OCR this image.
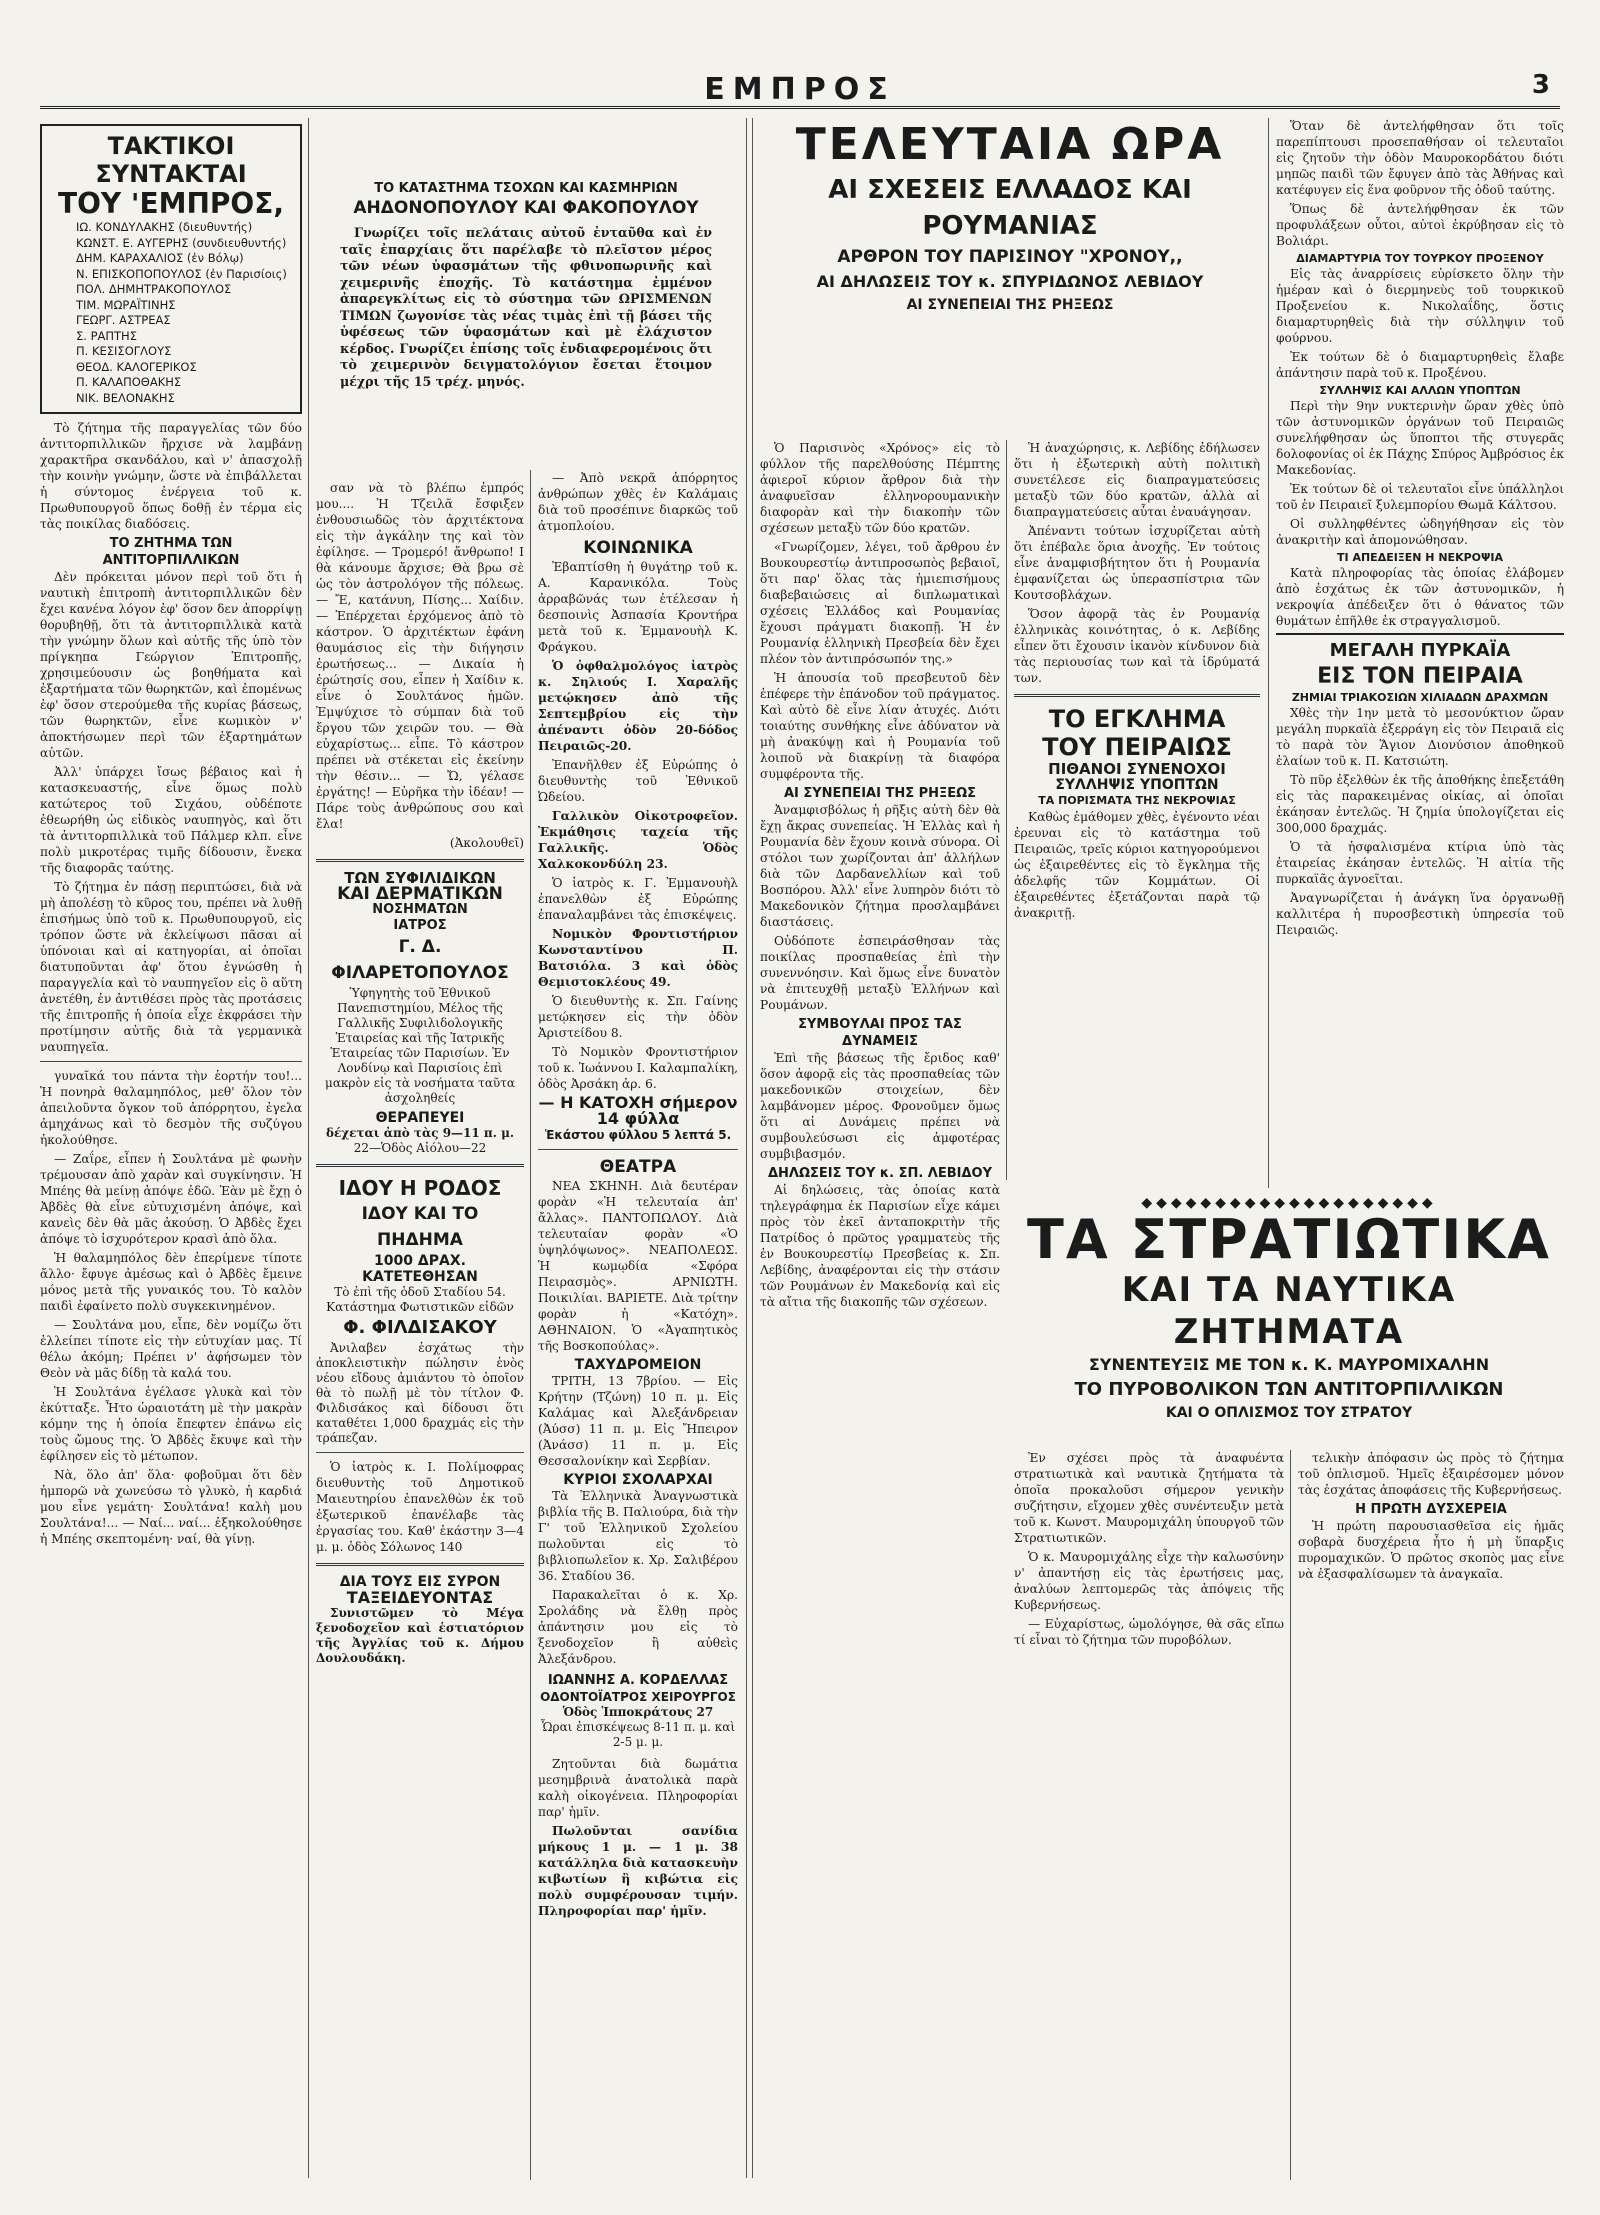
ΕΜΠΡΟΣ	3
ΤΑΚΤΙΚΟΙ ΣΥΝΤΑΚΤΑΙ
ΤΟΥ 'ΕΜΠΡΟΣ,
ΙΩ. ΚΟΝΔΥΛΑΚΗΣ (διευθυντής)
ΚΩΝΣΤ. Ε. ΑΥΓΕΡΗΣ (συνδιευθυντής)
ΔΗΜ. ΚΑΡΑΧΑΛΙΟΣ (ἐν Βόλῳ)
Ν. ΕΠΙΣΚΟΠΟΠΟΥΛΟΣ (ἐν Παρισίοις)
ΠΟΛ. ΔΗΜΗΤΡΑΚΟΠΟΥΛΟΣ
ΤΙΜ. ΜΩΡΑΪΤΙΝΗΣ
ΓΕΩΡΓ. ΑΣΤΡΕΑΣ
Σ. ΡΑΠΤΗΣ
Π. ΚΕΣΙΣΟΓΛΟΥΣ
ΘΕΟΔ. ΚΑΛΟΓΕΡΙΚΟΣ
Π. ΚΑΛΑΠΟΘΑΚΗΣ
ΝΙΚ. ΒΕΛΟΝΑΚΗΣ

Τὸ ζήτημα τῆς παραγγελίας τῶν δύο ἀντιτορπιλλικῶν ἤρχισε νὰ λαμβάνῃ χαρακτῆρα σκανδάλου, καὶ ν' ἀπασχολῇ τὴν κοινὴν γνώμην, ὥστε νὰ ἐπιβάλλεται ἡ σύντομος ἐνέργεια τοῦ κ. Πρωθυπουργοῦ ὅπως δοθῇ ἐν τέρμα εἰς τὰς ποικίλας διαδόσεις.

ΤΟ ΖΗΤΗΜΑ ΤΩΝ ΑΝΤΙΤΟΡΠΙΛΛΙΚΩΝ

Δὲν πρόκειται μόνον περὶ τοῦ ὅτι ἡ ναυτικὴ ἐπιτροπὴ ἀντιτορπιλλικῶν δὲν ἔχει κανένα λόγον ἐφ' ὅσον δεν ἀπορρίψῃ θορυβηθῇ, ὅτι τὰ ἀντιτορπιλλικὰ κατὰ τὴν γνώμην ὅλων καὶ αὐτῆς τῆς ὑπὸ τὸν πρίγκηπα Γεώργιον Ἐπιτροπῆς, χρησιμεύουσιν ὡς βοηθήματα καὶ ἐξαρτήματα τῶν θωρηκτῶν, καὶ ἐπομένως ἐφ' ὅσον στερούμεθα τῆς κυρίας βάσεως, τῶν θωρηκτῶν, εἶνε κωμικὸν ν' ἀποκτήσωμεν περὶ τῶν ἐξαρτημάτων αὐτῶν.

Ἀλλ' ὑπάρχει ἴσως βέβαιος καὶ ἡ κατασκευαστής, εἶνε ὅμως πολὺ κατώτερος τοῦ Σιχάου, οὐδέποτε ἐθεωρήθη ὡς εἰδικὸς ναυπηγὸς, καὶ ὅτι τὰ ἀντιτορπιλλικὰ τοῦ Πάλμερ κλπ. εἶνε πολὺ μικροτέρας τιμῆς δίδουσιν, ἔνεκα τῆς διαφορᾶς ταύτης.

Τὸ ζήτημα ἐν πάσῃ περιπτώσει, διὰ νὰ μὴ ἀπολέσῃ τὸ κῦρος του, πρέπει νὰ λυθῇ ἐπισήμως ὑπὸ τοῦ κ. Πρωθυπουργοῦ, εἰς τρόπον ὥστε νὰ ἐκλείψωσι πᾶσαι αἱ ὑπόνοιαι καὶ αἱ κατηγορίαι, αἱ ὁποῖαι διατυποῦνται ἀφ' ὅτου ἐγνώσθη ἡ παραγγελία καὶ τὸ ναυπηγεῖον εἰς ὃ αὕτη ἀνετέθη, ἐν ἀντιθέσει πρὸς τὰς προτάσεις τῆς ἐπιτροπῆς ἡ ὁποία εἶχε ἐκφράσει τὴν προτίμησιν αὐτῆς διὰ τὰ γερμανικὰ ναυπηγεῖα.

γυναῖκά του πάντα τὴν ἑορτήν του!... Ἡ πονηρὰ θαλαμηπόλος, μεθ' ὅλον τὸν ἀπειλοῦντα ὄγκον τοῦ ἀπόρρητου, ἐγελα ἀμηχάνως καὶ τὸ δεσμὸν τῆς συζύγου ἠκολούθησε.

— Ζαΐρε, εἶπεν ἡ Σουλτάνα μὲ φωνὴν τρέμουσαν ἀπὸ χαρὰν καὶ συγκίνησιν. Ἡ Μπέης θὰ μείνῃ ἀπόψε ἐδῶ. Ἐὰν μὲ ἔχῃ ὁ Ἀβδὲς θὰ εἶνε εὐτυχισμένη ἀπόψε, καὶ κανεὶς δὲν θὰ μᾶς ἀκούσῃ. Ὁ Ἀβδὲς ἔχει ἀπόψε τὸ ἰσχυρότερον κρασὶ ἀπὸ ὅλα.

Ἡ θαλαμηπόλος δὲν ἐπερίμενε τίποτε ἄλλο· ἔφυγε ἀμέσως καὶ ὁ Ἀβδὲς ἔμεινε μόνος μετὰ τῆς γυναικός του. Τὸ καλὸν παιδὶ ἐφαίνετο πολὺ συγκεκινημένον.

— Σουλτάνα μου, εἶπε, δὲν νομίζω ὅτι ἐλλείπει τίποτε εἰς τὴν εὐτυχίαν μας. Τί θέλω ἀκόμη; Πρέπει ν' ἀφήσωμεν τὸν Θεὸν νὰ μᾶς δίδῃ τὰ καλά του.

Ἡ Σουλτάνα ἐγέλασε γλυκὰ καὶ τὸν ἐκύτταξε. Ἦτο ὡραιοτάτη μὲ τὴν μακρὰν κόμην της ἡ ὁποία ἔπεφτεν ἐπάνω εἰς τοὺς ὤμους της. Ὁ Ἀβδὲς ἔκυψε καὶ τὴν ἐφίλησεν εἰς τὸ μέτωπον.

Νὰ, ὅλο ἀπ' ὅλα· φοβοῦμαι ὅτι δὲν ἠμπορῶ νὰ χωνεύσω τὸ γλυκὸ, ἡ καρδιά μου εἶνε γεμάτη· Σουλτάνα! καλὴ μου Σουλτάνα!... — Ναί... ναί... ἐξηκολούθησε ἡ Μπέης σκεπτομένη· ναί, θὰ γίνῃ.

ΤΟ ΚΑΤΑΣΤΗΜΑ ΤΣΟΧΩΝ ΚΑΙ ΚΑΣΜΗΡΙΩΝ
ΑΗΔΟΝΟΠΟΥΛΟΥ ΚΑΙ ΦΑΚΟΠΟΥΛΟΥ

Γνωρίζει τοῖς πελάταις αὐτοῦ ἐνταῦθα καὶ ἐν ταῖς ἐπαρχίαις ὅτι παρέλαβε τὸ πλεῖστον μέρος τῶν νέων ὑφασμάτων τῆς φθινοπωρινῆς καὶ χειμερινῆς ἐποχῆς. Τὸ κατάστημα ἐμμένον ἀπαρεγκλίτως εἰς τὸ σύστημα τῶν ΩΡΙΣΜΕΝΩΝ ΤΙΜΩΝ ζωγονίσε τὰς νέας τιμὰς ἐπὶ τῇ βάσει τῆς ὑφέσεως τῶν ὑφασμάτων καὶ μὲ ἐλάχιστον κέρδος. Γνωρίζει ἐπίσης τοῖς ἐνδιαφερομένοις ὅτι τὸ χειμερινὸν δειγματολόγιον ἔσεται ἕτοιμον μέχρι τῆς 15 τρέχ. μηνός.

σαν νὰ τὸ βλέπω ἐμπρός μου.... Ἡ Τζειλᾶ ἔσφιξεν ἐνθουσιωδῶς τὸν ἀρχιτέκτονα εἰς τὴν ἀγκάλην της καὶ τὸν ἐφίλησε. — Τρομερό! ἄνθρωπο! Ι θὰ κάνουμε ἄρχισε; Θὰ βρω σὲ ὡς τὸν ἀστρολόγον τῆς πόλεως. — Ἔ, κατάνυη, Πίσης... Χαίδιν. — Ἐπέρχεται ἐρχόμενος ἀπὸ τὸ κάστρον. Ὁ ἀρχιτέκτων ἐφάνη θαυμάσιος εἰς τὴν διήγησιν ἐρωτήσεως... — Δικαία ἡ ἐρώτησίς σου, εἶπεν ἡ Χαίδιν κ. εἶνε ὁ Σουλτάνος ἡμῶν. Ἐμψύχισε τὸ σύμπαν διὰ τοῦ ἔργου τῶν χειρῶν του. — Θὰ εὐχαρίστως... εἶπε. Τὸ κάστρον πρέπει νὰ στέκεται εἰς ἐκείνην τὴν θέσιν... — Ὤ, γέλασε ἐργάτης! — Εὐρῆκα τὴν ἰδέαν! — Πάρε τοὺς ἀνθρώπους σου καὶ ἔλα!

(Ἀκολουθεῖ)
ΤΩΝ ΣΥΦΙΛΙΔΙΚΩΝ
ΚΑΙ ΔΕΡΜΑΤΙΚΩΝ
ΝΟΣΗΜΑΤΩΝ
ΙΑΤΡΟΣ
Γ. Δ. ΦΙΛΑΡΕΤΟΠΟΥΛΟΣ
Ὑφηγητὴς τοῦ Ἐθνικοῦ Πανεπιστημίου, Μέλος τῆς Γαλλικῆς Συφιλιδολογικῆς Ἑταιρείας καὶ τῆς Ἰατρικῆς Ἑταιρείας τῶν Παρισίων. Ἐν Λονδίνῳ καὶ Παρισίοις ἐπὶ μακρὸν εἰς τὰ νοσήματα ταῦτα ἀσχοληθείς
ΘΕΡΑΠΕΥΕΙ
δέχεται ἀπὸ τὰς 9—11 π. μ.
22—Ὁδὸς Αἰόλου—22
ΙΔΟΥ Η ΡΟΔΟΣ
ΙΔΟΥ ΚΑΙ ΤΟ ΠΗΔΗΜΑ
1000 ΔΡΑΧ. ΚΑΤΕΤΕΘΗΣΑΝ
Τὸ ἐπὶ τῆς ὁδοῦ Σταδίου 54. Κατάστημα Φωτιστικῶν εἰδῶν
Φ. ΦΙΛΔΙΣΑΚΟΥ

Ἀνιλαβεν ἐσχάτως τὴν ἀποκλειστικὴν πώλησιν ἑνὸς νέου εἴδους ἀμιάντου τὸ ὁποῖον θὰ τὸ πωλῇ μὲ τὸν τίτλον Φ. Φιλδισάκος καὶ δίδουσι ὅτι καταθέτει 1,000 δραχμάς εἰς τὴν τράπεζαν.

Ὁ ἰατρὸς κ. Ι. Πολίμοφρας διευθυντὴς τοῦ Δημοτικοῦ Μαιευτηρίου ἐπανελθὼν ἐκ τοῦ ἐξωτερικοῦ ἐπανέλαβε τὰς ἐργασίας του. Καθ' ἑκάστην 3—4 μ. μ. ὁδὸς Σόλωνος 140

ΔΙΑ ΤΟΥΣ ΕΙΣ ΣΥΡΟΝ
ΤΑΞΕΙΔΕΥΟΝΤΑΣ

Συνιστῶμεν τὸ Μέγα ξενοδοχεῖον καὶ ἑστιατόριον τῆς Ἀγγλίας τοῦ κ. Δήμου Δουλουδάκη.

— Ἀπὸ νεκρᾶ ἀπόρρητος ἀνθρώπων χθὲς ἐν Καλάμαις διὰ τοῦ προσέπινε διαρκῶς τοῦ ἀτμοπλοίου.

ΚΟΙΝΩΝΙΚΑ

Ἐβαπτίσθη ἡ θυγάτηρ τοῦ κ. Α. Καρανικόλα. Τοὺς ἀρραβῶνάς των ἐτέλεσαν ἡ δεσποινὶς Ἀσπασία Κροντήρα μετὰ τοῦ κ. Ἐμμανουὴλ Κ. Φράγκου.

Ὁ ὀφθαλμολόγος ἰατρὸς κ. Σηλιούς Ι. Χαραλῆς μετῴκησεν ἀπὸ τῆς Σεπτεμβρίου εἰς τὴν ἀπέναντι ὁδὸν 20-δόδος Πειραιῶς-20.

Ἐπανῆλθεν ἐξ Εὐρώπης ὁ διευθυντὴς τοῦ Ἐθνικοῦ Ὠδείου.

Γαλλικὸν Οἰκοτροφεῖον. Ἐκμάθησις ταχεία τῆς Γαλλικῆς. Ὁδὸς Χαλκοκονδύλη 23.

Ὁ ἰατρὸς κ. Γ. Ἐμμανουὴλ ἐπανελθὼν ἐξ Εὐρώπης ἐπαναλαμβάνει τὰς ἐπισκέψεις.

Νομικὸν Φροντιστήριον Κωνσταντίνου Π. Βατσιόλα. 3 καὶ ὁδὸς Θεμιστοκλέους 49.

Ὁ διευθυντὴς κ. Σπ. Γαίνης μετῴκησεν εἰς τὴν ὁδὸν Ἀριστείδου 8.

Τὸ Νομικὸν Φροντιστήριον τοῦ κ. Ἰωάννου Ι. Καλαμπαλίκη, ὁδὸς Ἀρσάκη ἀρ. 6.

— Η ΚΑΤΟΧΗ σήμερον 14 φύλλα
Ἑκάστου φύλλου 5 λεπτά 5.
ΘΕΑΤΡΑ

ΝΕΑ ΣΚΗΝΗ. Διὰ δευτέραν φορὰν «Ἡ τελευταία ἀπ' ἄλλας». ΠΑΝΤΟΠΩΛΟΥ. Διὰ τελευταίαν φορὰν «Ὁ ὑψηλόψωνος». ΝΕΑΠΟΛΕΩΣ. Ἡ κωμῳδία «Σφόρα Πειρασμὸς». ΑΡΝΙΩΤΗ. Ποικιλίαι. ΒΑΡΙΕΤΕ. Διὰ τρίτην φορὰν ἡ «Κατόχη». ΑΘΗΝΑΙΟΝ. Ὁ «Ἀγαπητικὸς τῆς Βοσκοπούλας».

ΤΑΧΥΔΡΟΜΕΙΟΝ

ΤΡΙΤΗ, 13 7βρίου. — Εἰς Κρήτην (Τζώνη) 10 π. μ. Εἰς Καλάμας καὶ Ἀλεξάνδρειαν (Ἀύσσ) 11 π. μ. Εἰς Ἤπειρον (Ἀνάσσ) 11 π. μ. Εἰς Θεσσαλονίκην καὶ Σερβίαν.

ΚΥΡΙΟΙ ΣΧΟΛΑΡΧΑΙ

Τὰ Ἑλληνικὰ Ἀναγνωστικὰ βιβλία τῆς Β. Παλιούρα, διὰ τὴν Γ' τοῦ Ἑλληνικοῦ Σχολείου πωλοῦνται εἰς τὸ βιβλιοπωλεῖον κ. Χρ. Σαλιβέρου 36. Σταδίου 36.

Παρακαλεῖται ὁ κ. Χρ. Σρολάδης νὰ ἔλθῃ πρὸς ἀπάντησιν μου εἰς τὸ ξενοδοχεῖον ἢ αὐθεὶς Ἀλεξάνδρου.

ΙΩΑΝΝΗΣ Α. ΚΟΡΔΕΛΛΑΣ
ΟΔΟΝΤΟΪΑΤΡΟΣ ΧΕΙΡΟΥΡΓΟΣ
Ὁδὸς Ἱπποκράτους 27
Ὧραι ἐπισκέψεως 8-11 π. μ. καὶ 2-5 μ. μ.

Ζητοῦνται διὰ δωμάτια μεσημβρινὰ ἀνατολικὰ παρὰ καλὴ οἰκογένεια. Πληροφορίαι παρ' ἡμῖν.

Πωλοῦνται σανίδια μήκους 1 μ. — 1 μ. 38 κατάλληλα διὰ κατασκευὴν κιβωτίων ἢ κιβώτια εἰς πολὺ συμφέρουσαν τιμήν. Πληροφορίαι παρ' ἡμῖν.

ΤΕΛΕΥΤΑΙΑ ΩΡΑ
ΑΙ ΣΧΕΣΕΙΣ ΕΛΛΑΔΟΣ ΚΑΙ ΡΟΥΜΑΝΙΑΣ
ΑΡΘΡΟΝ ΤΟΥ ΠΑΡΙΣΙΝΟΥ "ΧΡΟΝΟΥ,,
ΑΙ ΔΗΛΩΣΕΙΣ ΤΟΥ κ. ΣΠΥΡΙΔΩΝΟΣ ΛΕΒΙΔΟΥ
ΑΙ ΣΥΝΕΠΕΙΑΙ ΤΗΣ ΡΗΞΕΩΣ

Ὁ Παρισινὸς «Χρόνος» εἰς τὸ φύλλον τῆς παρελθούσης Πέμπτης ἀφιεροῖ κύριον ἄρθρον διὰ τὴν ἀναφυεῖσαν ἑλληνορουμανικὴν διαφορὰν καὶ τὴν διακοπὴν τῶν σχέσεων μεταξὺ τῶν δύο κρατῶν.

«Γνωρίζομεν, λέγει, τοῦ ἄρθρου ἐν Βουκουρεστίῳ ἀντιπροσωπὸς βεβαιοῖ, ὅτι παρ' ὅλας τὰς ἡμιεπισήμους διαβεβαιώσεις αἱ διπλωματικαὶ σχέσεις Ἑλλάδος καὶ Ρουμανίας ἔχουσι πράγματι διακοπῇ. Ἡ ἐν Ρουμανίᾳ ἑλληνικὴ Πρεσβεία δὲν ἔχει πλέον τὸν ἀντιπρόσωπόν της.»

Ἡ ἀπουσία τοῦ πρεσβευτοῦ δὲν ἐπέφερε τὴν ἐπάνοδον τοῦ πράγματος. Καὶ αὐτὸ δὲ εἶνε λίαν ἀτυχές. Διότι τοιαύτης συνθήκης εἶνε ἀδύνατον νὰ μὴ ἀνακύψῃ καὶ ἡ Ρουμανία τοῦ λοιποῦ νὰ διακρίνῃ τὰ διαφόρα συμφέροντα τῆς.

ΑΙ ΣΥΝΕΠΕΙΑΙ ΤΗΣ ΡΗΞΕΩΣ

Ἀναμφισβόλως ἡ ρῆξις αὐτὴ δὲν θὰ ἔχῃ ἄκρας συνεπείας. Ἡ Ἑλλὰς καὶ ἡ Ρουμανία δὲν ἔχουν κοινὰ σύνορα. Οἱ στόλοι των χωρίζονται ἀπ' ἀλλήλων διὰ τῶν Δαρδανελλίων καὶ τοῦ Βοσπόρου. Ἀλλ' εἶνε λυπηρὸν διότι τὸ Μακεδονικὸν ζήτημα προσλαμβάνει διαστάσεις.

Οὐδόποτε ἐσπειράσθησαν τὰς ποικίλας προσπαθείας ἐπὶ τὴν συνεννόησιν. Καὶ ὅμως εἶνε δυνατὸν νὰ ἐπιτευχθῇ μεταξὺ Ἑλλήνων καὶ Ρουμάνων.

ΣΥΜΒΟΥΛΑΙ ΠΡΟΣ ΤΑΣ ΔΥΝΑΜΕΙΣ

Ἐπὶ τῆς βάσεως τῆς ἔριδος καθ' ὅσον ἀφορᾷ εἰς τὰς προσπαθείας τῶν μακεδονικῶν στοιχείων, δὲν λαμβάνομεν μέρος. Φρονοῦμεν ὅμως ὅτι αἱ Δυνάμεις πρέπει νὰ συμβουλεύσωσι εἰς ἀμφοτέρας συμβιβασμόν.

ΔΗΛΩΣΕΙΣ ΤΟΥ κ. ΣΠ. ΛΕΒΙΔΟΥ

Αἱ δηλώσεις, τὰς ὁποίας κατὰ τηλεγράφημα ἐκ Παρισίων εἶχε κάμει πρὸς τὸν ἐκεῖ ἀνταποκριτὴν τῆς Πατρίδος ὁ πρῶτος γραμματεὺς τῆς ἐν Βουκουρεστίῳ Πρεσβείας κ. Σπ. Λεβίδης, ἀναφέρονται εἰς τὴν στάσιν τῶν Ρουμάνων ἐν Μακεδονίᾳ καὶ εἰς τὰ αἴτια τῆς διακοπῆς τῶν σχέσεων.

Ἡ ἀναχώρησις, κ. Λεβίδης ἐδήλωσεν ὅτι ἡ ἐξωτερικὴ αὐτὴ πολιτικὴ συνετέλεσε εἰς διαπραγματεύσεις μεταξὺ τῶν δύο κρατῶν, ἀλλὰ αἱ διαπραγματεύσεις αὗται ἐναυάγησαν.

Ἀπέναντι τούτων ἰσχυρίζεται αὐτὴ ὅτι ἐπέβαλε ὅρια ἀνοχῆς. Ἐν τούτοις εἶνε ἀναμφισβήτητον ὅτι ἡ Ρουμανία ἐμφανίζεται ὡς ὑπερασπίστρια τῶν Κουτσοβλάχων.

Ὅσον ἀφορᾷ τὰς ἐν Ρουμανίᾳ ἑλληνικὰς κοινότητας, ὁ κ. Λεβίδης εἶπεν ὅτι ἔχουσιν ἱκανὸν κίνδυνον διὰ τὰς περιουσίας των καὶ τὰ ἱδρύματά των.

ΤΟ ΕΓΚΛΗΜΑ
ΤΟΥ ΠΕΙΡΑΙΩΣ
ΠΙΘΑΝΟΙ ΣΥΝΕΝΟΧΟΙ
ΣΥΛΛΗΨΙΣ ΥΠΟΠΤΩΝ
ΤΑ ΠΟΡΙΣΜΑΤΑ ΤΗΣ ΝΕΚΡΟΨΙΑΣ

Καθὼς ἐμάθομεν χθὲς, ἐγένοντο νέαι ἐρευναι εἰς τὸ κατάστημα τοῦ Πειραιῶς, τρεῖς κύριοι κατηγορούμενοι ὡς ἐξαιρεθέντες εἰς τὸ ἔγκλημα τῆς ἀδελφῆς τῶν Κομμάτων. Οἱ ἐξαιρεθέντες ἐξετάζονται παρὰ τῷ ἀνακριτῇ.

◆◆◆◆◆◆◆◆◆◆◆◆◆◆◆◆◆◆◆◆
ΤΑ ΣΤΡΑΤΙΩΤΙΚΑ
ΚΑΙ ΤΑ ΝΑΥΤΙΚΑ ΖΗΤΗΜΑΤΑ
ΣΥΝΕΝΤΕΥΞΙΣ ΜΕ ΤΟΝ κ. Κ. ΜΑΥΡΟΜΙΧΑΛΗΝ
ΤΟ ΠΥΡΟΒΟΛΙΚΟΝ ΤΩΝ ΑΝΤΙΤΟΡΠΙΛΛΙΚΩΝ
ΚΑΙ Ο ΟΠΛΙΣΜΟΣ ΤΟΥ ΣΤΡΑΤΟΥ

Ἐν σχέσει πρὸς τὰ ἀναφυέντα στρατιωτικὰ καὶ ναυτικὰ ζητήματα τὰ ὁποῖα προκαλοῦσι σήμερον γενικὴν συζήτησιν, εἴχομεν χθὲς συνέντευξιν μετὰ τοῦ κ. Κωνστ. Μαυρομιχάλη ὑπουργοῦ τῶν Στρατιωτικῶν.

Ὁ κ. Μαυρομιχάλης εἶχε τὴν καλωσύνην ν' ἀπαντήσῃ εἰς τὰς ἐρωτήσεις μας, ἀναλύων λεπτομερῶς τὰς ἀπόψεις τῆς Κυβερνήσεως.

— Εὐχαρίστως, ὡμολόγησε, θὰ σᾶς εἴπω τί εἶναι τὸ ζήτημα τῶν πυροβόλων.

Ὅταν δὲ ἀντελήφθησαν ὅτι τοῖς παρεπίπτουσι προσεπαθήσαν οἱ τελευταῖοι εἰς ζητοῦν τὴν ὁδὸν Μαυροκορδάτου διότι μηπῶς παιδὶ τῶν ἔφυγεν ἀπὸ τὰς Ἀθήνας καὶ κατέφυγεν εἰς ἕνα φοῦρνον τῆς ὁδοῦ ταύτης.

Ὅπως δὲ ἀντελήφθησαν ἐκ τῶν προφυλάξεων οὗτοι, αὐτοὶ ἐκρύβησαν εἰς τὸ Βολιάρι.

ΔΙΑΜΑΡΤΥΡΙΑ ΤΟΥ ΤΟΥΡΚΟΥ ΠΡΟΞΕΝΟΥ

Εἰς τὰς ἀναρρίσεις εὑρίσκετο ὅλην τὴν ἡμέραν καὶ ὁ διερμηνεὺς τοῦ τουρκικοῦ Προξενείου κ. Νικολαΐδης, ὅστις διαμαρτυρηθεὶς διὰ τὴν σύλληψιν τοῦ φούρνου.

Ἐκ τούτων δὲ ὁ διαμαρτυρηθεὶς ἔλαβε ἀπάντησιν παρὰ τοῦ κ. Προξένου.

ΣΥΛΛΗΨΙΣ ΚΑΙ ΑΛΛΩΝ ΥΠΟΠΤΩΝ

Περὶ τὴν 9ην νυκτερινὴν ὥραν χθὲς ὑπὸ τῶν ἀστυνομικῶν ὀργάνων τοῦ Πειραιῶς συνελήφθησαν ὡς ὕποπτοι τῆς στυγερᾶς δολοφονίας οἱ ἐκ Πάχης Σπύρος Ἀμβρόσιος ἐκ Μακεδονίας.

Ἐκ τούτων δὲ οἱ τελευταῖοι εἶνε ὑπάλληλοι τοῦ ἐν Πειραιεῖ ξυλεμπορίου Θωμᾶ Κάλτσου.

Οἱ συλληφθέντες ὡδηγήθησαν εἰς τὸν ἀνακριτὴν καὶ ἀπομονώθησαν.

ΤΙ ΑΠΕΔΕΙΞΕΝ Η ΝΕΚΡΟΨΙΑ

Κατὰ πληροφορίας τὰς ὁποίας ἐλάβομεν ἀπὸ ἐσχάτως ἐκ τῶν ἀστυνομικῶν, ἡ νεκροψία ἀπέδειξεν ὅτι ὁ θάνατος τῶν θυμάτων ἐπῆλθε ἐκ στραγγαλισμοῦ.

ΜΕΓΑΛΗ ΠΥΡΚΑΪΑ
ΕΙΣ ΤΟΝ ΠΕΙΡΑΙΑ
ΖΗΜΙΑΙ ΤΡΙΑΚΟΣΙΩΝ ΧΙΛΙΑΔΩΝ ΔΡΑΧΜΩΝ

Χθὲς τὴν 1ην μετὰ τὸ μεσονύκτιον ὥραν μεγάλη πυρκαϊὰ ἐξερράγη εἰς τὸν Πειραιᾶ εἰς τὸ παρὰ τὸν Ἅγιον Διονύσιον ἀποθηκοῦ ἐλαίων τοῦ κ. Π. Κατσιώτη.

Τὸ πῦρ ἐξελθὼν ἐκ τῆς ἀποθήκης ἐπεξετάθη εἰς τὰς παρακειμένας οἰκίας, αἱ ὁποῖαι ἐκάησαν ἐντελῶς. Ἡ ζημία ὑπολογίζεται εἰς 300,000 δραχμάς.

Ὁ τὰ ἡσφαλισμένα κτίρια ὑπὸ τὰς ἐταιρείας ἐκάησαν ἐντελῶς. Ἡ αἰτία τῆς πυρκαϊᾶς ἀγνοεῖται.

Ἀναγνωρίζεται ἡ ἀνάγκη ἵνα ὀργανωθῇ καλλιτέρα ἡ πυροσβεστικὴ ὑπηρεσία τοῦ Πειραιῶς.

τελικὴν ἀπόφασιν ὡς πρὸς τὸ ζήτημα τοῦ ὁπλισμοῦ. Ἡμεῖς ἐξαιρέσομεν μόνον τὰς ἐσχάτας ἀποφάσεις τῆς Κυβερνήσεως.

Η ΠΡΩΤΗ ΔΥΣΧΕΡΕΙΑ

Ἡ πρώτη παρουσιασθεῖσα εἰς ἡμᾶς σοβαρὰ δυσχέρεια ἦτο ἡ μὴ ὕπαρξις πυρομαχικῶν. Ὁ πρῶτος σκοπὸς μας εἶνε νὰ ἐξασφαλίσωμεν τὰ ἀναγκαῖα.
